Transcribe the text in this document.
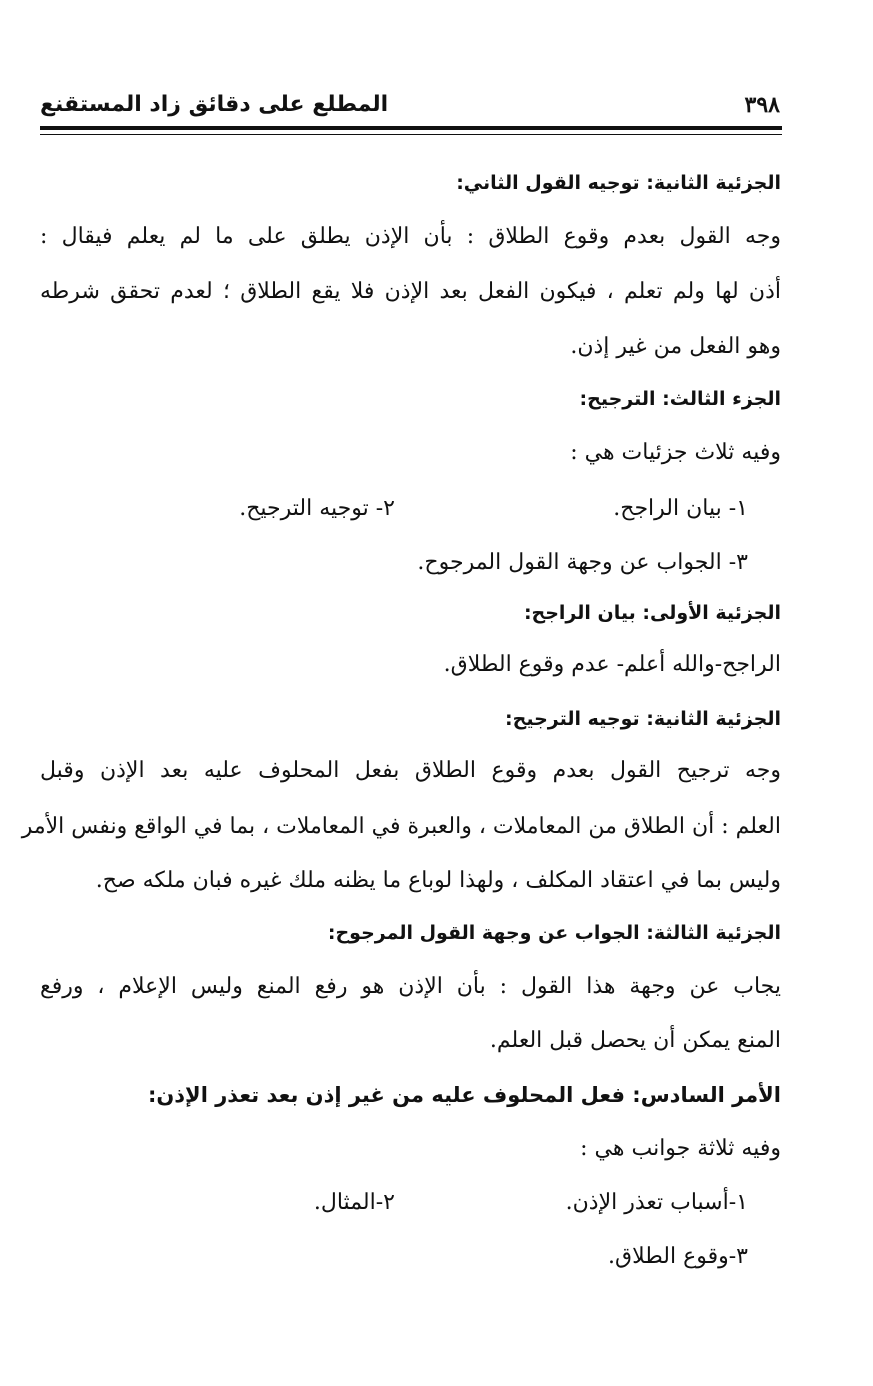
٣٩٨
المطلع على دقائق زاد المستقنع
الجزئية الثانية: توجيه القول الثاني:
وجه القول بعدم وقوع الطلاق : بأن الإذن يطلق على ما لم يعلم فيقال :
أذن لها ولم تعلم ، فيكون الفعل بعد الإذن فلا يقع الطلاق ؛ لعدم تحقق شرطه
وهو الفعل من غير إذن.
الجزء الثالث: الترجيح:
وفيه ثلاث جزئيات هي :
١- بيان الراجح.
٢- توجيه الترجيح.
٣- الجواب عن وجهة القول المرجوح.
الجزئية الأولى: بيان الراجح:
الراجح-والله أعلم- عدم وقوع الطلاق.
الجزئية الثانية: توجيه الترجيح:
وجه ترجيح القول بعدم وقوع الطلاق بفعل المحلوف عليه بعد الإذن وقبل
العلم : أن الطلاق من المعاملات ، والعبرة في المعاملات ، بما في الواقع ونفس الأمر
وليس بما في اعتقاد المكلف ، ولهذا لوباع ما يظنه ملك غيره فبان ملكه صح.
الجزئية الثالثة: الجواب عن وجهة القول المرجوح:
يجاب عن وجهة هذا القول : بأن الإذن هو رفع المنع وليس الإعلام ، ورفع
المنع يمكن أن يحصل قبل العلم.
الأمر السادس: فعل المحلوف عليه من غير إذن بعد تعذر الإذن:
وفيه ثلاثة جوانب هي :
١-أسباب تعذر الإذن.
٢-المثال.
٣-وقوع الطلاق.
